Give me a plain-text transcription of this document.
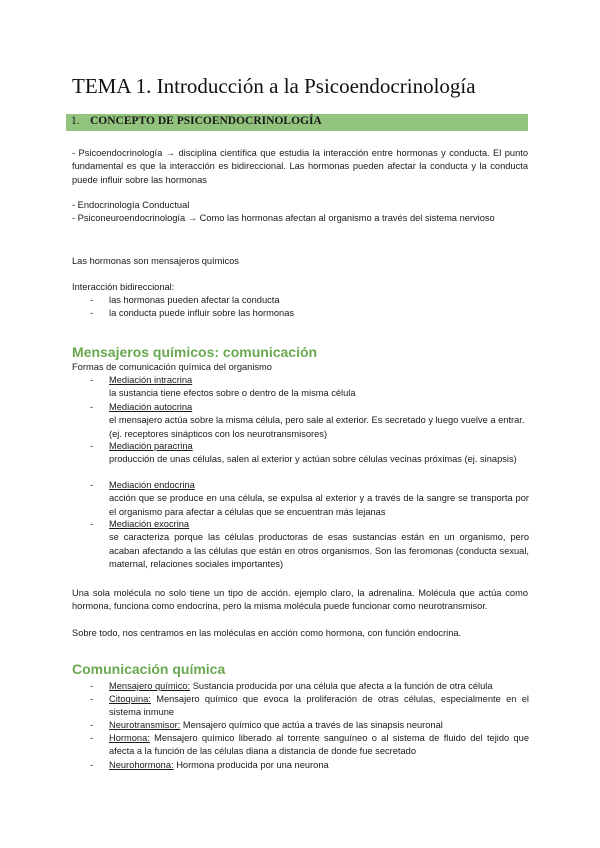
TEMA 1. Introducción a la Psicoendocrinología
1. CONCEPTO DE PSICOENDOCRINOLOGÍA
- Psicoendocrinología → disciplina científica que estudia la interacción entre hormonas y conducta. El punto fundamental es que la interacción es bidireccional. Las hormonas pueden afectar la conducta y la conducta puede influir sobre las hormonas
- Endocrinología Conductual
- Psiconeuroendocrinología → Como las hormonas afectan al organismo a través del sistema nervioso
Las hormonas son mensajeros químicos
Interacción bidireccional:
- las hormonas pueden afectar la conducta
- la conducta puede influir sobre las hormonas
Mensajeros químicos: comunicación
Formas de comunicación química del organismo
- Mediación intracrina
la sustancia tiene efectos sobre o dentro de la misma célula
- Mediación autocrina
el mensajero actúa sobre la misma célula, pero sale al exterior. Es secretado y luego vuelve a entrar. (ej. receptores sinápticos con los neurotransmisores)
- Mediación paracrina
producción de unas células, salen al exterior y actúan sobre células vecinas próximas (ej. sinapsis)
- Mediación endocrina
acción que se produce en una célula, se expulsa al exterior y a través de la sangre se transporta por el organismo para afectar a células que se encuentran más lejanas
- Mediación exocrina
se caracteriza porque las células productoras de esas sustancias están en un organismo, pero acaban afectando a las células que están en otros organismos. Son las feromonas (conducta sexual, maternal, relaciones sociales importantes)
Una sola molécula no solo tiene un tipo de acción. ejemplo claro, la adrenalina. Molécula que actúa como hormona, funciona como endocrina, pero la misma molécula puede funcionar como neurotransmisor.
Sobre todo, nos centramos en las moléculas en acción como hormona, con función endocrina.
Comunicación química
- Mensajero químico: Sustancia producida por una célula que afecta a la función de otra célula
- Citoquina: Mensajero químico que evoca la proliferación de otras células, especialmente en el sistema inmune
- Neurotransmisor: Mensajero químico que actúa a través de las sinapsis neuronal
- Hormona: Mensajero químico liberado al torrente sanguíneo o al sistema de fluido del tejido que afecta a la función de las células diana a distancia de donde fue secretado
- Neurohormona: Hormona producida por una neurona
